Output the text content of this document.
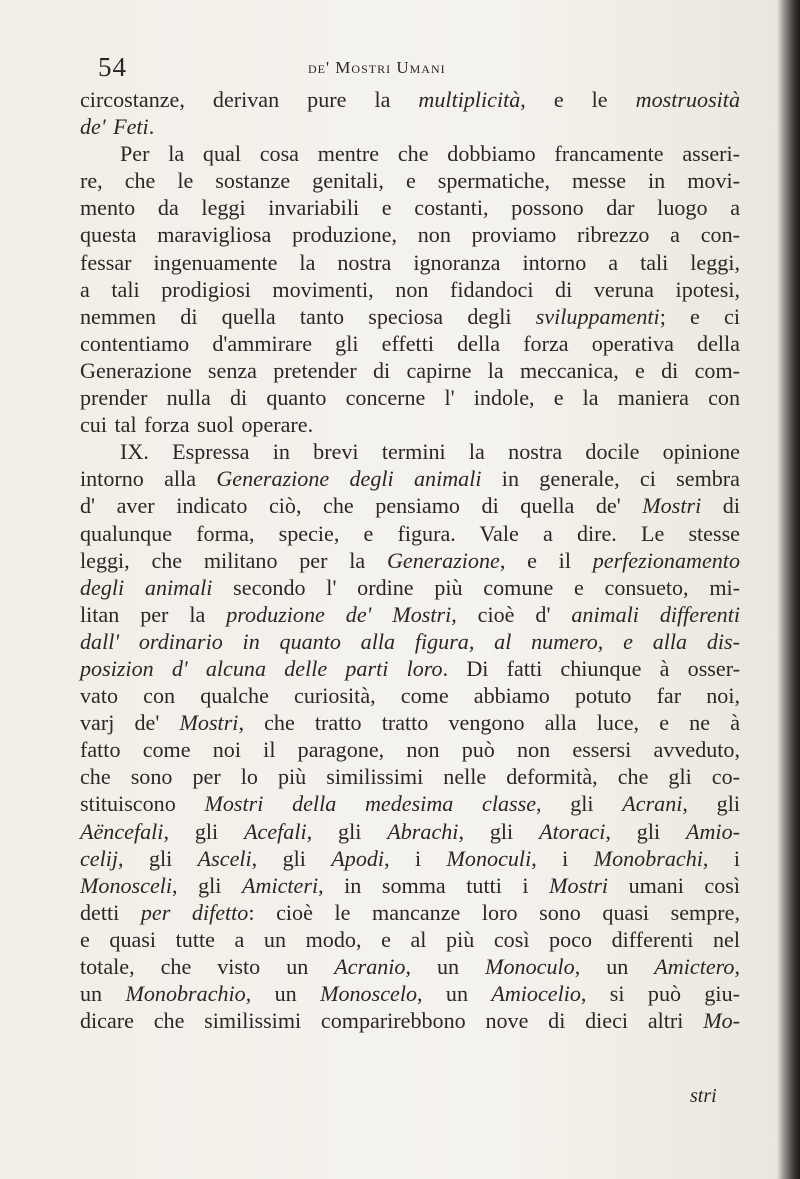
54	de' Mostri Umani
circostanze, derivan pure la multiplicità, e le mostruosità
de' Feti.
Per la qual cosa mentre che dobbiamo francamente asseri-
re, che le sostanze genitali, e spermatiche, messe in movi-
mento da leggi invariabili e costanti, possono dar luogo a
questa maravigliosa produzione, non proviamo ribrezzo a con-
fessar ingenuamente la nostra ignoranza intorno a tali leggi,
a tali prodigiosi movimenti, non fidandoci di veruna ipotesi,
nemmen di quella tanto speciosa degli sviluppamenti; e ci
contentiamo d'ammirare gli effetti della forza operativa della
Generazione senza pretender di capirne la meccanica, e di com-
prender nulla di quanto concerne l' indole, e la maniera con
cui tal forza suol operare.
IX. Espressa in brevi termini la nostra docile opinione
intorno alla Generazione degli animali in generale, ci sembra
d' aver indicato ciò, che pensiamo di quella de' Mostri di
qualunque forma, specie, e figura. Vale a dire. Le stesse
leggi, che militano per la Generazione, e il perfezionamento
degli animali secondo l' ordine più comune e consueto, mi-
litan per la produzione de' Mostri, cioè d' animali differenti
dall' ordinario in quanto alla figura, al numero, e alla dis-
posizion d' alcuna delle parti loro. Di fatti chiunque à osser-
vato con qualche curiosità, come abbiamo potuto far noi,
varj de' Mostri, che tratto tratto vengono alla luce, e ne à
fatto come noi il paragone, non può non essersi avveduto,
che sono per lo più similissimi nelle deformità, che gli co-
stituiscono Mostri della medesima classe, gli Acrani, gli
Aëncefali, gli Acefali, gli Abrachi, gli Atoraci, gli Amio-
celij, gli Asceli, gli Apodi, i Monoculi, i Monobrachi, i
Monosceli, gli Amicteri, in somma tutti i Mostri umani così
detti per difetto: cioè le mancanze loro sono quasi sempre,
e quasi tutte a un modo, e al più così poco differenti nel
totale, che visto un Acranio, un Monoculo, un Amictero,
un Monobrachio, un Monoscelo, un Amiocelio, si può giu-
dicare che similissimi comparirebbono nove di dieci altri Mo-
stri
